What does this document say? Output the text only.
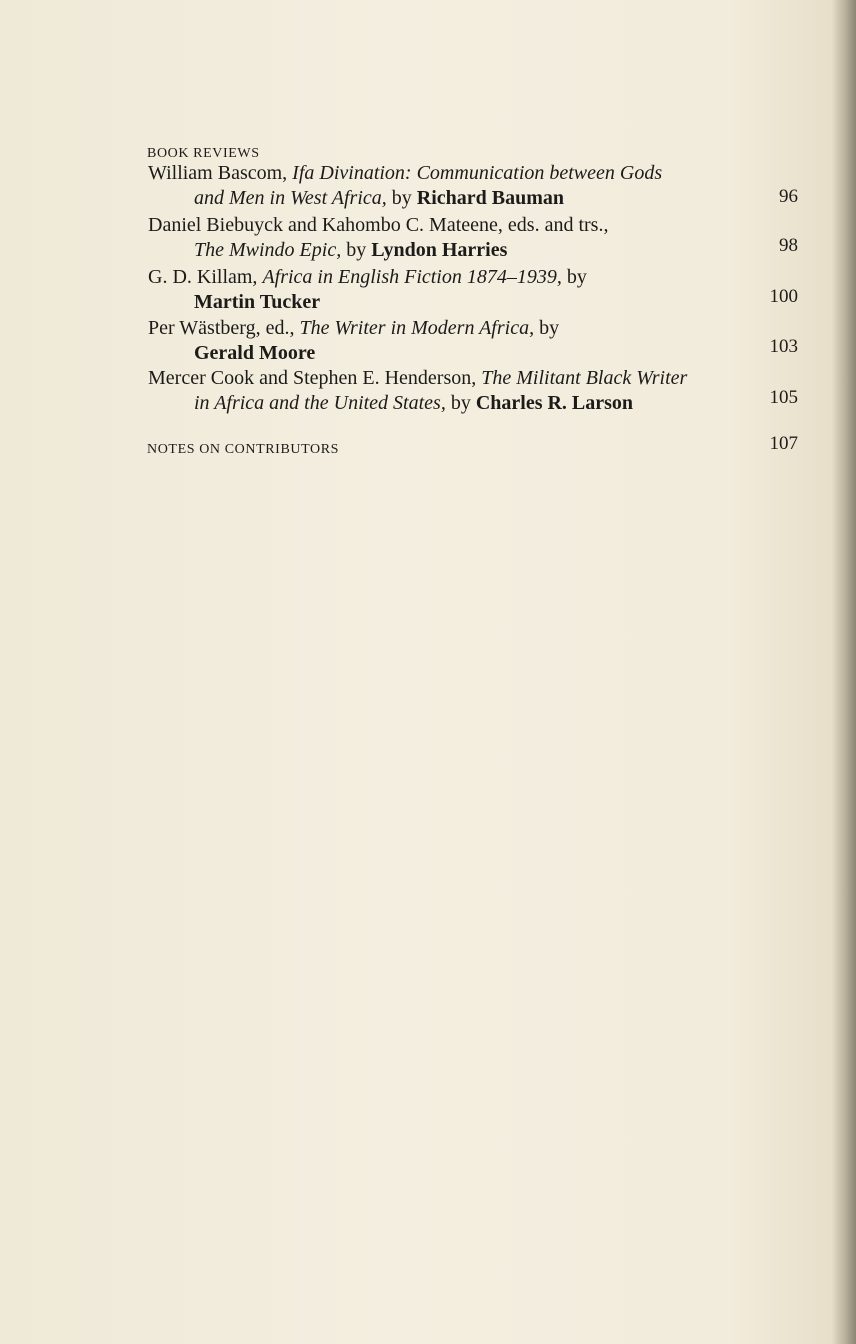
BOOK REVIEWS
William Bascom, Ifa Divination: Communication between Gods
and Men in West Africa, by Richard Bauman	96
Daniel Biebuyck and Kahombo C. Mateene, eds. and trs.,
The Mwindo Epic, by Lyndon Harries	98
G. D. Killam, Africa in English Fiction 1874–1939, by
Martin Tucker	100
Per Wästberg, ed., The Writer in Modern Africa, by
Gerald Moore	103
Mercer Cook and Stephen E. Henderson, The Militant Black Writer
in Africa and the United States, by Charles R. Larson	105
NOTES ON CONTRIBUTORS	107
